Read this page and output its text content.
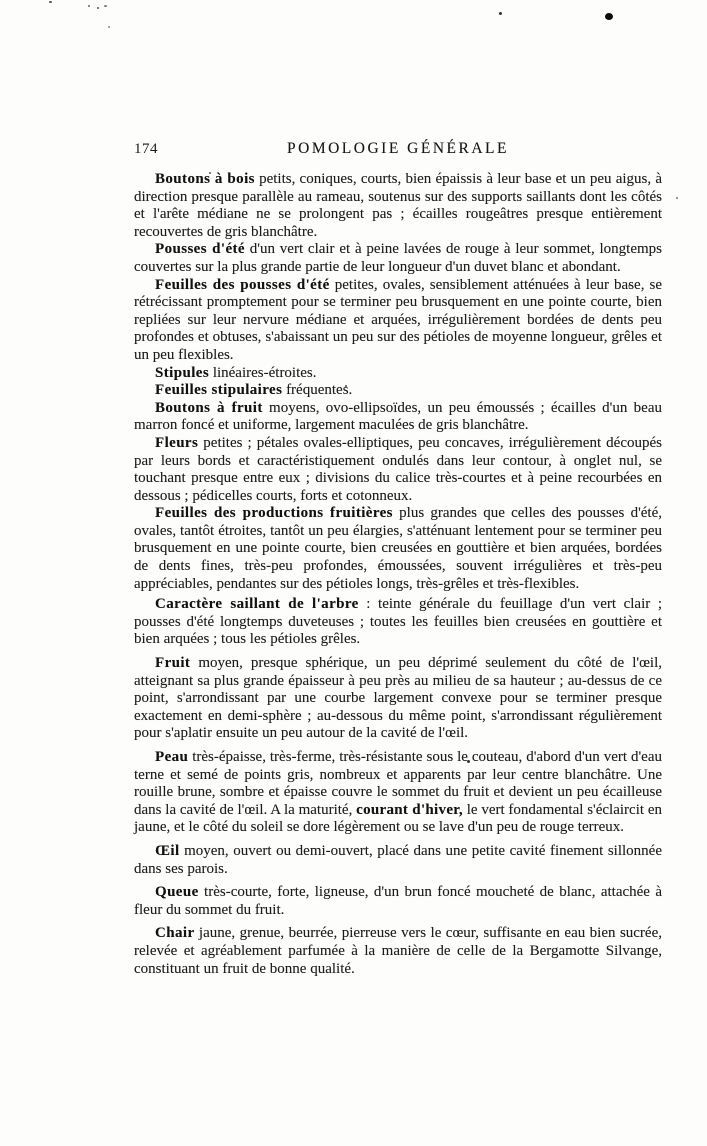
174	POMOLOGIE GÉNÉRALE

Boutons à bois petits, coniques, courts, bien épaissis à leur base et un peu aigus, à direction presque parallèle au rameau, soutenus sur des supports saillants dont les côtés et l'arête médiane ne se prolongent pas ; écailles rougeâtres presque entièrement recouvertes de gris blanchâtre.

Pousses d'été d'un vert clair et à peine lavées de rouge à leur sommet, longtemps couvertes sur la plus grande partie de leur longueur d'un duvet blanc et abondant.

Feuilles des pousses d'été petites, ovales, sensiblement atténuées à leur base, se rétrécissant promptement pour se terminer peu brusquement en une pointe courte, bien repliées sur leur nervure médiane et arquées, irrégulièrement bordées de dents peu profondes et obtuses, s'abaissant un peu sur des pétioles de moyenne longueur, grêles et un peu flexibles.

Stipules linéaires-étroites.

Feuilles stipulaires fréquentes.

Boutons à fruit moyens, ovo-ellipsoïdes, un peu émoussés ; écailles d'un beau marron foncé et uniforme, largement maculées de gris blanchâtre.

Fleurs petites ; pétales ovales-elliptiques, peu concaves, irrégulièrement découpés par leurs bords et caractéristiquement ondulés dans leur contour, à onglet nul, se touchant presque entre eux ; divisions du calice très-courtes et à peine recourbées en dessous ; pédicelles courts, forts et cotonneux.

Feuilles des productions fruitières plus grandes que celles des pousses d'été, ovales, tantôt étroites, tantôt un peu élargies, s'atténuant lentement pour se terminer peu brusquement en une pointe courte, bien creusées en gouttière et bien arquées, bordées de dents fines, très-peu profondes, émoussées, souvent irrégulières et très-peu appréciables, pendantes sur des pétioles longs, très-grêles et très-flexibles.

Caractère saillant de l'arbre : teinte générale du feuillage d'un vert clair ; pousses d'été longtemps duveteuses ; toutes les feuilles bien creusées en gouttière et bien arquées ; tous les pétioles grêles.

Fruit moyen, presque sphérique, un peu déprimé seulement du côté de l'œil, atteignant sa plus grande épaisseur à peu près au milieu de sa hauteur ; au-dessus de ce point, s'arrondissant par une courbe largement convexe pour se terminer presque exactement en demi-sphère ; au-dessous du même point, s'arrondissant régulièrement pour s'aplatir ensuite un peu autour de la cavité de l'œil.

Peau très-épaisse, très-ferme, très-résistante sous le couteau, d'abord d'un vert d'eau terne et semé de points gris, nombreux et apparents par leur centre blanchâtre. Une rouille brune, sombre et épaisse couvre le sommet du fruit et devient un peu écailleuse dans la cavité de l'œil. A la maturité, courant d'hiver, le vert fondamental s'éclaircit en jaune, et le côté du soleil se dore légèrement ou se lave d'un peu de rouge terreux.

Œil moyen, ouvert ou demi-ouvert, placé dans une petite cavité finement sillonnée dans ses parois.

Queue très-courte, forte, ligneuse, d'un brun foncé moucheté de blanc, attachée à fleur du sommet du fruit.

Chair jaune, grenue, beurrée, pierreuse vers le cœur, suffisante en eau bien sucrée, relevée et agréablement parfumée à la manière de celle de la Bergamotte Silvange, constituant un fruit de bonne qualité.
